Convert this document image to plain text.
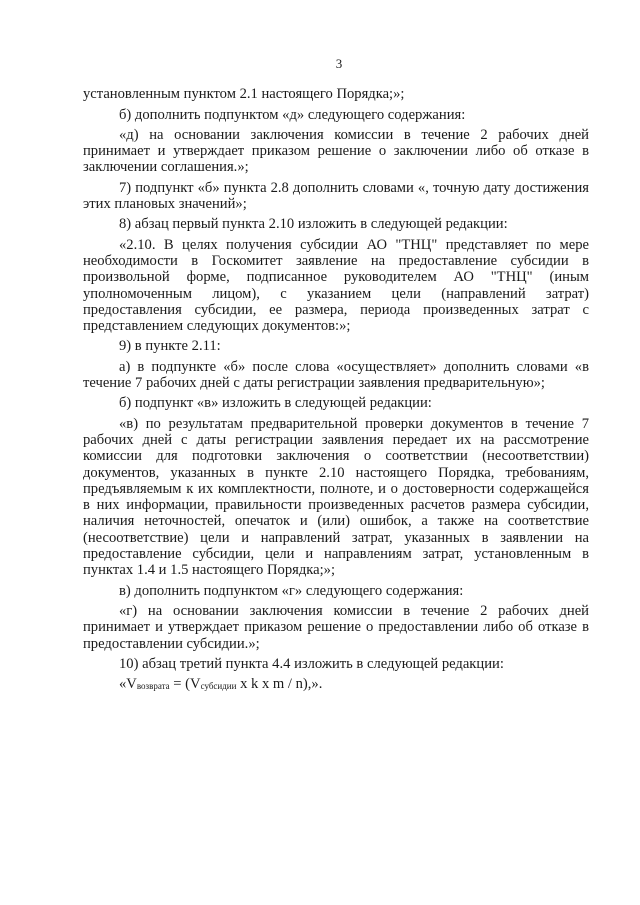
3

установленным пунктом 2.1 настоящего Порядка;»;

б) дополнить подпунктом «д» следующего содержания:

«д) на основании заключения комиссии в течение 2 рабочих дней принимает и утверждает приказом решение о заключении либо об отказе в заключении соглашения.»;

7) подпункт «б» пункта 2.8 дополнить словами «, точную дату достижения этих плановых значений»;

8) абзац первый пункта 2.10 изложить в следующей редакции:

«2.10. В целях получения субсидии АО "ТНЦ" представляет по мере необходимости в Госкомитет заявление на предоставление субсидии в произвольной форме, подписанное руководителем АО "ТНЦ" (иным уполномоченным лицом), с указанием цели (направлений затрат) предоставления субсидии, ее размера, периода произведенных затрат с представлением следующих документов:»;

9) в пункте 2.11:

а) в подпункте «б» после слова «осуществляет» дополнить словами «в течение 7 рабочих дней с даты регистрации заявления предварительную»;

б) подпункт «в» изложить в следующей редакции:

«в) по результатам предварительной проверки документов в течение 7 рабочих дней с даты регистрации заявления передает их на рассмотрение комиссии для подготовки заключения о соответствии (несоответствии) документов, указанных в пункте 2.10 настоящего Порядка, требованиям, предъявляемым к их комплектности, полноте, и о достоверности содержащейся в них информации, правильности произведенных расчетов размера субсидии, наличия неточностей, опечаток и (или) ошибок, а также на соответствие (несоответствие) цели и направлений затрат, указанных в заявлении на предоставление субсидии, цели и направлениям затрат, установленным в пунктах 1.4 и 1.5 настоящего Порядка;»;

в) дополнить подпунктом «г» следующего содержания:

«г) на основании заключения комиссии в течение 2 рабочих дней принимает и утверждает приказом решение о предоставлении либо об отказе в предоставлении субсидии.»;

10) абзац третий пункта 4.4 изложить в следующей редакции:

«Vвозврата = (Vсубсидии x k x m / n),».
